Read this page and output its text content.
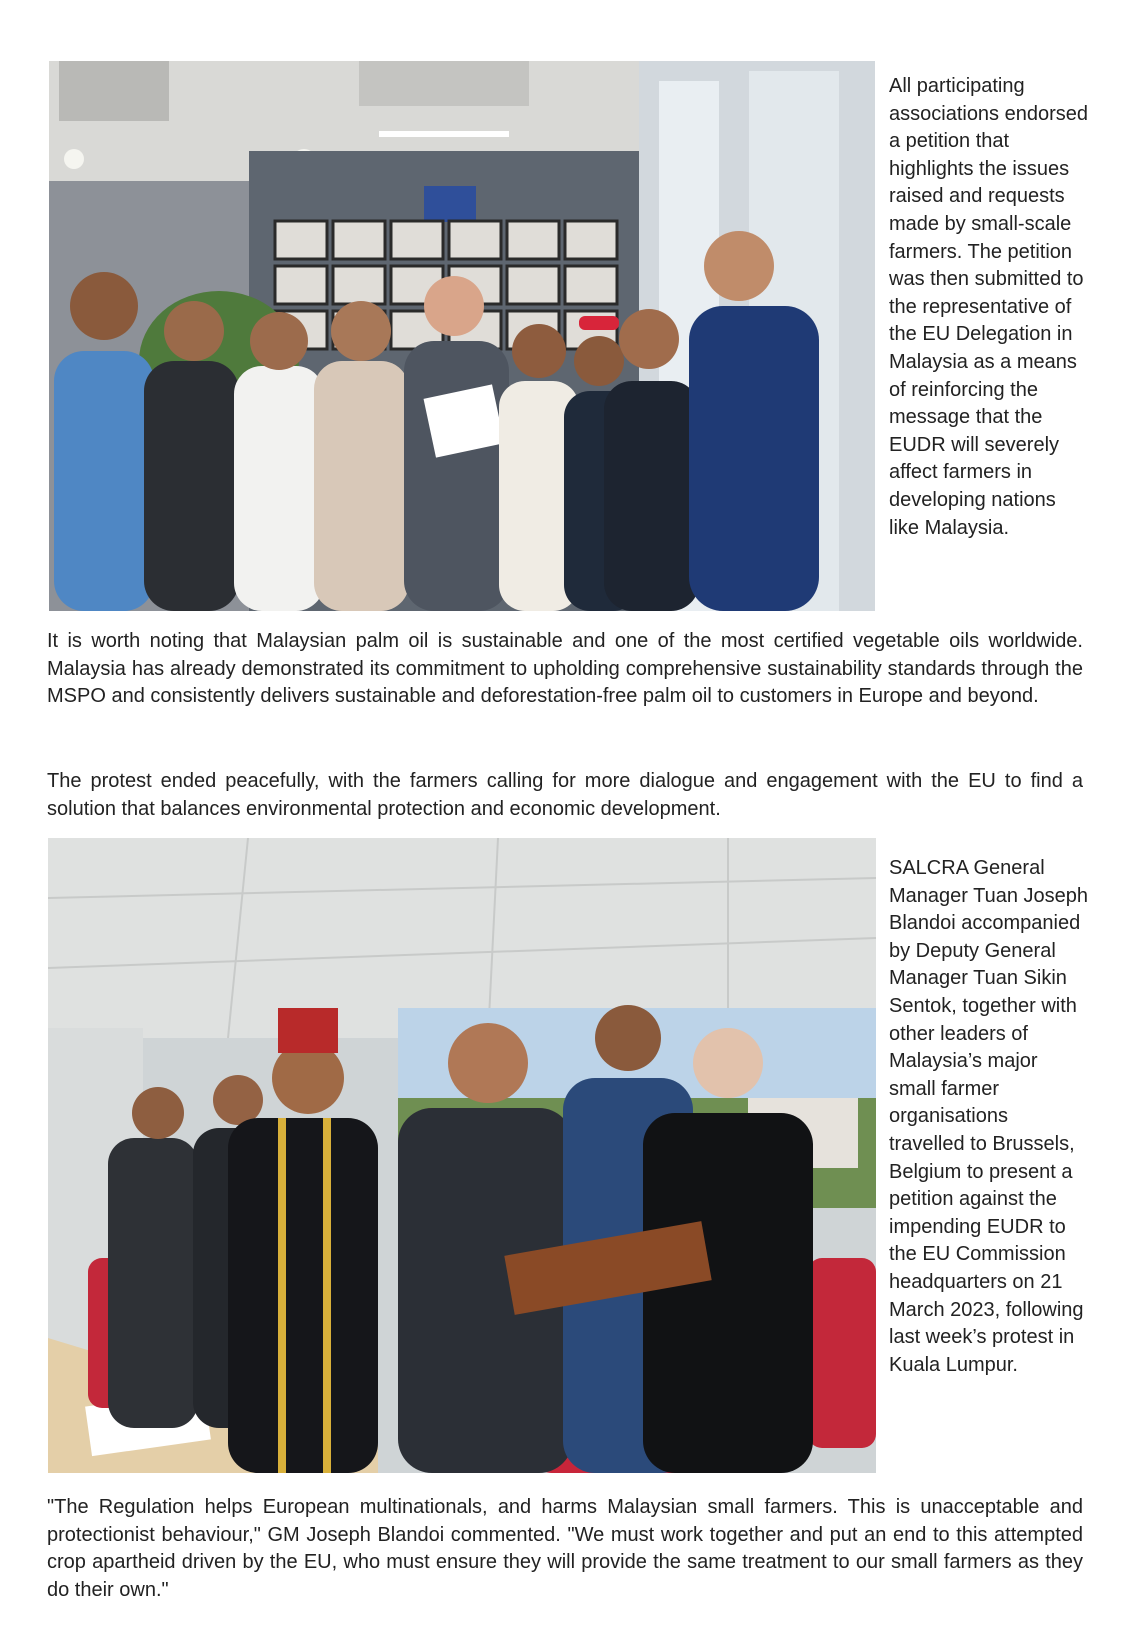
All participating associations endorsed a petition that highlights the issues raised and requests made by small-scale farmers. The petition was then submitted to the representative of the EU Delegation in Malaysia as a means of reinforcing the message that the EUDR will severely affect farmers in developing nations like Malaysia.

It is worth noting that Malaysian palm oil is sustainable and one of the most certified vegetable oils worldwide. Malaysia has already demonstrated its commitment to upholding comprehensive sustainability standards through the MSPO and consistently delivers sustainable and deforestation-free palm oil to customers in Europe and beyond.

The protest ended peacefully, with the farmers calling for more dialogue and engagement with the EU to find a solution that balances environmental protection and economic development.

SALCRA General Manager Tuan Joseph Blandoi accompanied by Deputy General Manager Tuan Sikin Sentok, together with other leaders of Malaysia’s major small farmer organisations travelled to Brussels, Belgium to present a petition against the impending EUDR to the EU Commission headquarters on 21 March 2023, following last week’s protest in Kuala Lumpur.

"The Regulation helps European multinationals, and harms Malaysian small farmers. This is unacceptable and protectionist behaviour," GM Joseph Blandoi commented. "We must work together and put an end to this attempted crop apartheid driven by the EU, who must ensure they will provide the same treatment to our small farmers as they do their own."
